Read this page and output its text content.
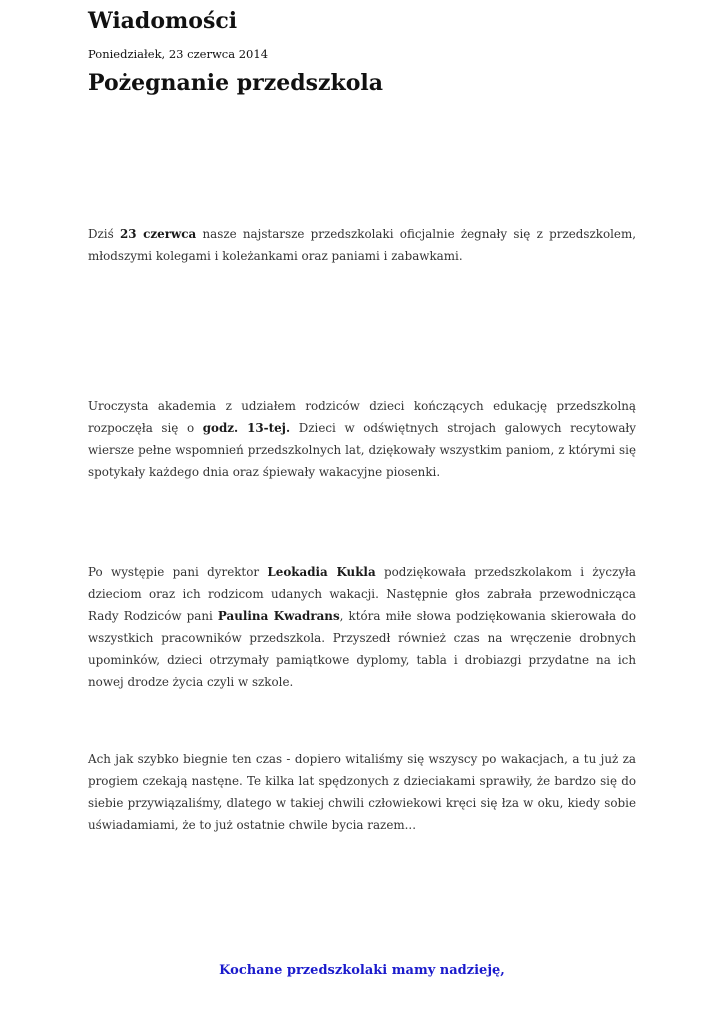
Wiadomości
Poniedziałek, 23 czerwca 2014
Pożegnanie przedszkola

Dziś 23 czerwca nasze najstarsze przedszkolaki oficjalnie żegnały się z przedszkolem, młodszymi kolegami i koleżankami oraz paniami i zabawkami.

Uroczysta akademia z udziałem rodziców dzieci kończących edukację przedszkolną rozpoczęła się o godz. 13-tej. Dzieci w odświętnych strojach galowych recytowały wiersze pełne wspomnień przedszkolnych lat, dziękowały wszystkim paniom, z którymi się spotykały każdego dnia oraz śpiewały wakacyjne piosenki.

Po występie pani dyrektor Leokadia Kukla podziękowała przedszkolakom i życzyła dzieciom oraz ich rodzicom udanych wakacji. Następnie głos zabrała przewodnicząca Rady Rodziców pani Paulina Kwadrans, która miłe słowa podziękowania skierowała do wszystkich pracowników przedszkola. Przyszedł również czas na wręczenie drobnych upominków, dzieci otrzymały pamiątkowe dyplomy, tabla i drobiazgi przydatne na ich nowej drodze życia czyli w szkole.

Ach jak szybko biegnie ten czas - dopiero witaliśmy się wszyscy po wakacjach, a tu już za progiem czekają nastęne. Te kilka lat spędzonych z dzieciakami sprawiły, że bardzo się do siebie przywiązaliśmy, dlatego w takiej chwili człowiekowi kręci się łza w oku, kiedy sobie uświadamiami, że to już ostatnie chwile bycia razem...

Kochane przedszkolaki mamy nadzieję,
